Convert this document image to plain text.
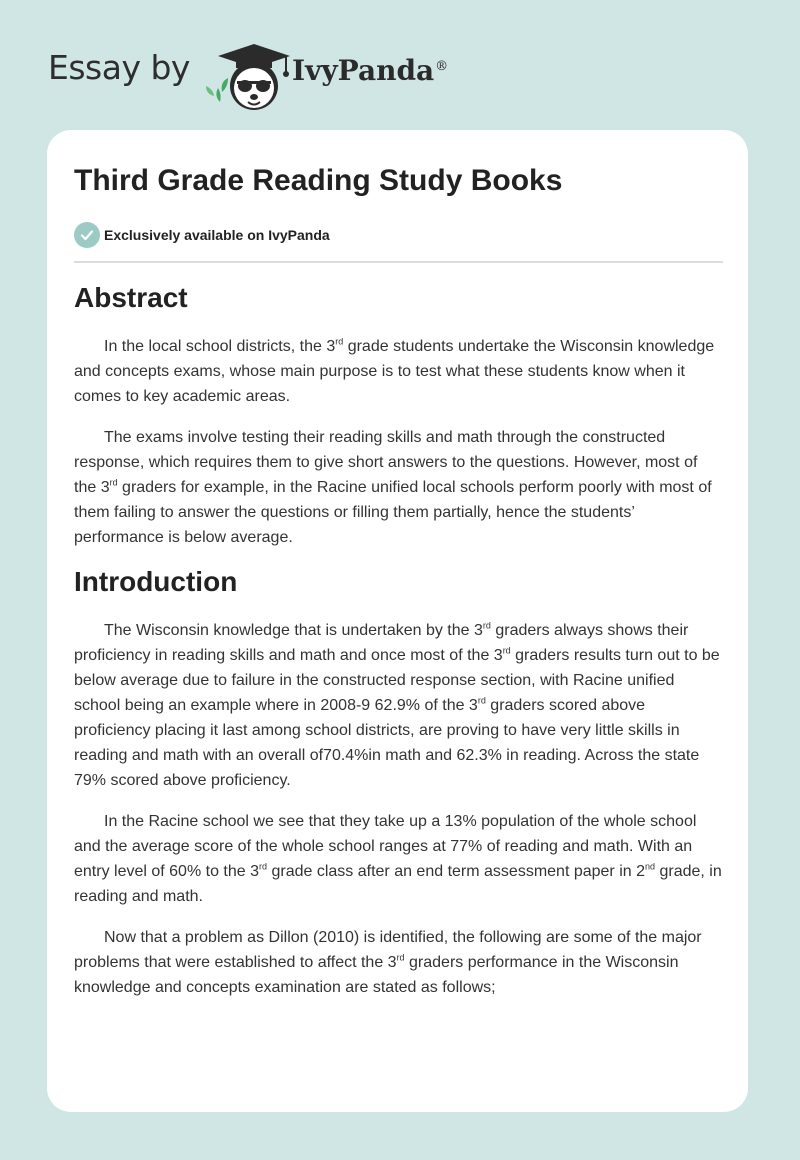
Essay by	IvyPanda®
Third Grade Reading Study Books
Exclusively available on IvyPanda
Abstract

In the local school districts, the 3rd grade students undertake the Wisconsin knowledge and concepts exams, whose main purpose is to test what these students know when it comes to key academic areas.

The exams involve testing their reading skills and math through the constructed response, which requires them to give short answers to the questions. However, most of the 3rd graders for example, in the Racine unified local schools perform poorly with most of them failing to answer the questions or filling them partially, hence the students’ performance is below average.

Introduction

The Wisconsin knowledge that is undertaken by the 3rd graders always shows their proficiency in reading skills and math and once most of the 3rd graders results turn out to be below average due to failure in the constructed response section, with Racine unified school being an example where in 2008-9 62.9% of the 3rd graders scored above proficiency placing it last among school districts, are proving to have very little skills in reading and math with an overall of70.4%in math and 62.3% in reading. Across the state 79% scored above proficiency.

In the Racine school we see that they take up a 13% population of the whole school and the average score of the whole school ranges at 77% of reading and math. With an entry level of 60% to the 3rd grade class after an end term assessment paper in 2nd grade, in reading and math.

Now that a problem as Dillon (2010) is identified, the following are some of the major problems that were established to affect the 3rd graders performance in the Wisconsin knowledge and concepts examination are stated as follows;
